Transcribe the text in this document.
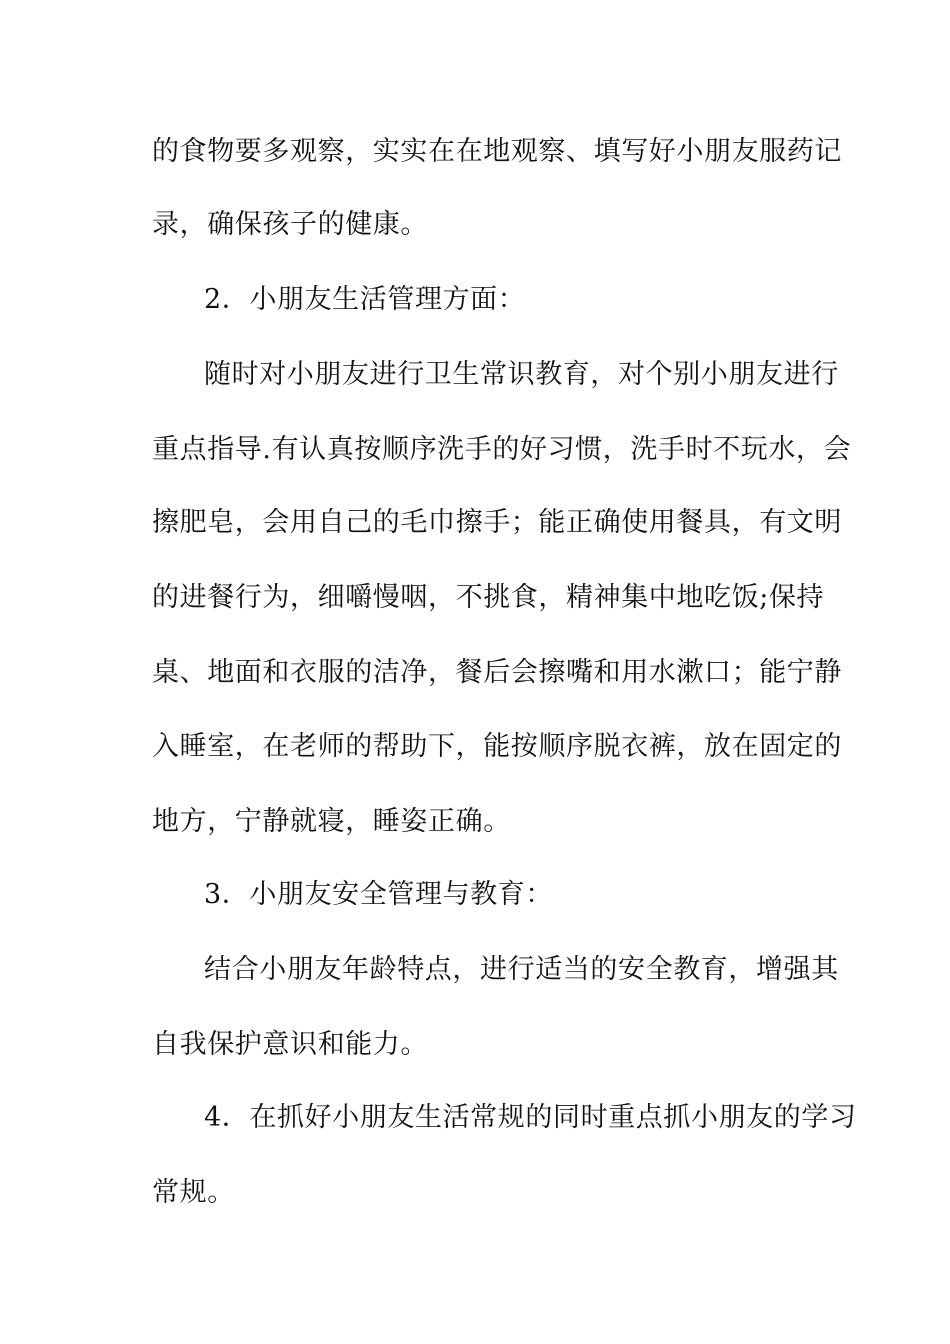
的食物要多观察，实实在在地观察、填写好小朋友服药记
录，确保孩子的健康。
2．小朋友生活管理方面：
随时对小朋友进行卫生常识教育，对个别小朋友进行
重点指导.有认真按顺序洗手的好习惯，洗手时不玩水，会
擦肥皂，会用自己的毛巾擦手；能正确使用餐具，有文明
的进餐行为，细嚼慢咽，不挑食，精神集中地吃饭;保持
桌、地面和衣服的洁净，餐后会擦嘴和用水漱口；能宁静
入睡室，在老师的帮助下，能按顺序脱衣裤，放在固定的
地方，宁静就寝，睡姿正确。
3．小朋友安全管理与教育：
结合小朋友年龄特点，进行适当的安全教育，增强其
自我保护意识和能力。
4．在抓好小朋友生活常规的同时重点抓小朋友的学习
常规。
